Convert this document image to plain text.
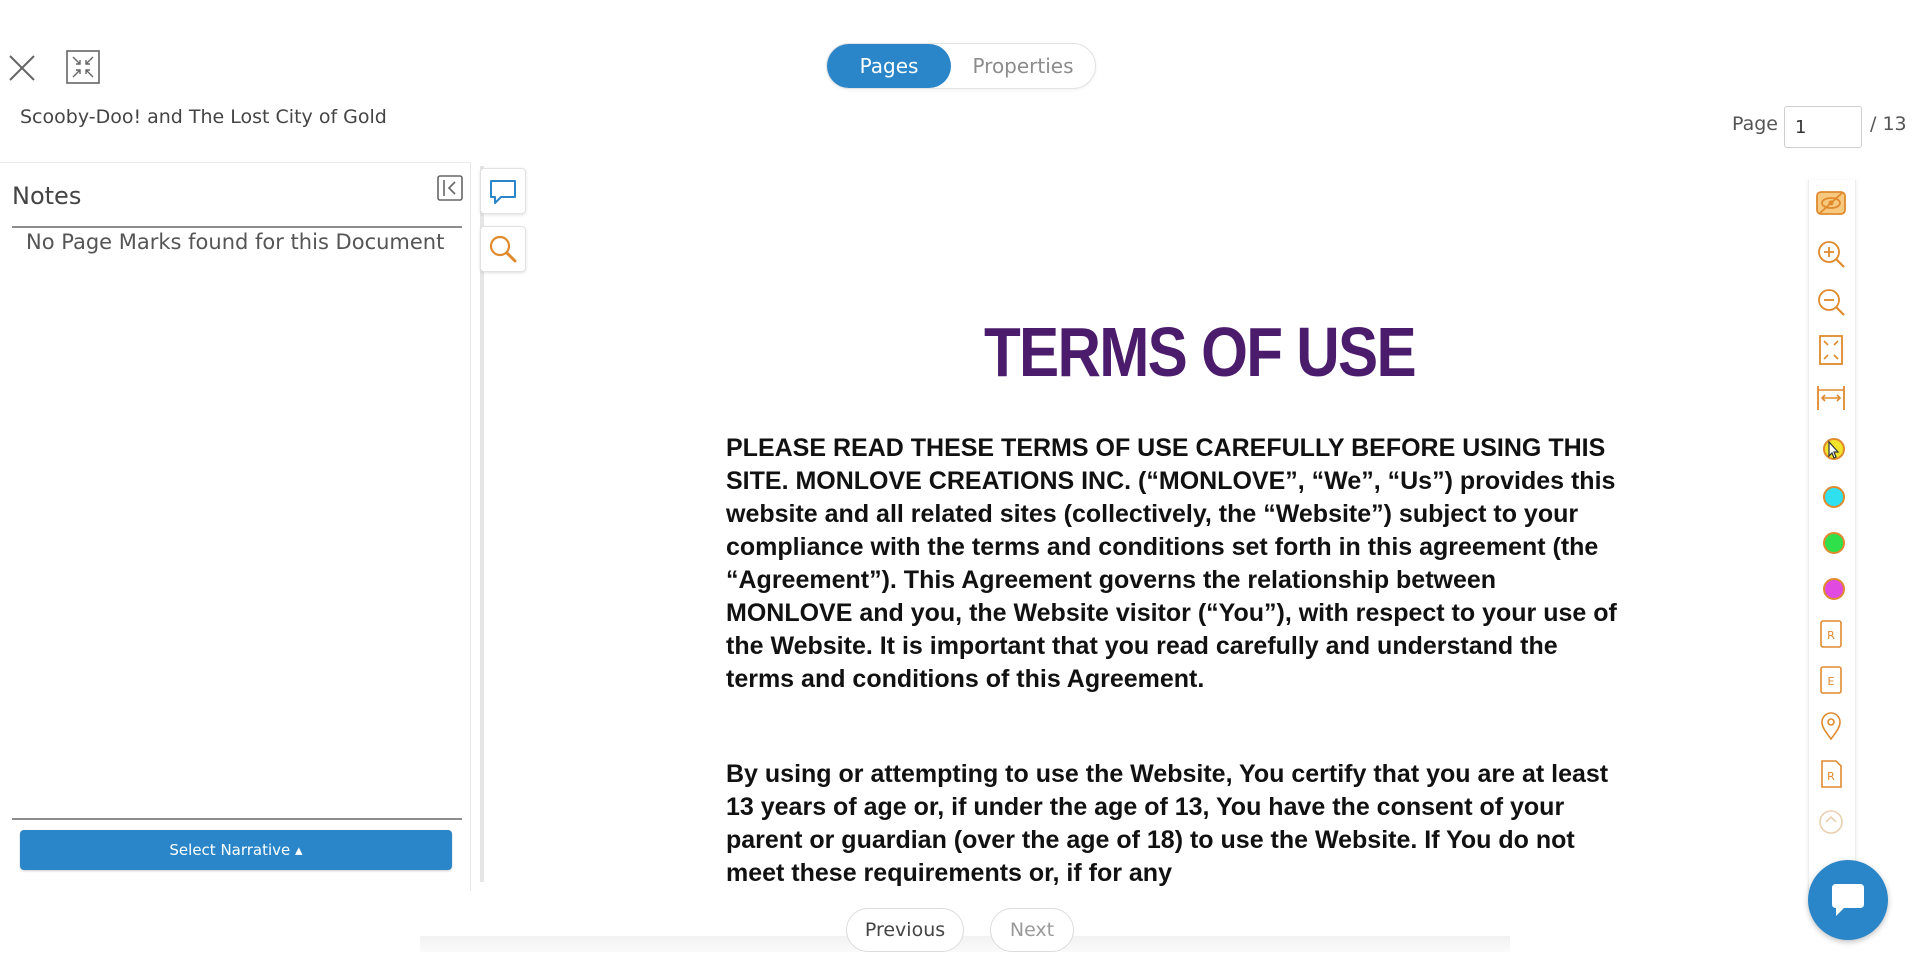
Scooby-Doo! and The Lost City of Gold
Pages	Properties
Page
1	/ 13
Notes
No Page Marks found for this Document
Select Narrative ▴
TERMS OF USE

PLEASE READ THESE TERMS OF USE CAREFULLY BEFORE USING THIS SITE. MONLOVE CREATIONS INC. (“MONLOVE”, “We”, “Us”) provides this website and all related sites (collectively, the “Website”) subject to your compliance with the terms and conditions set forth in this agreement (the “Agreement”). This Agreement governs the relationship between MONLOVE and you, the Website visitor (“You”), with respect to your use of the Website. It is important that you read carefully and understand the terms and conditions of this Agreement.

By using or attempting to use the Website, You certify that you are at least 13 years of age or, if under the age of 13, You have the consent of your parent or guardian (over the age of 18) to use the Website. If You do not meet these requirements or, if for any

R
E
R
Previous	Next
